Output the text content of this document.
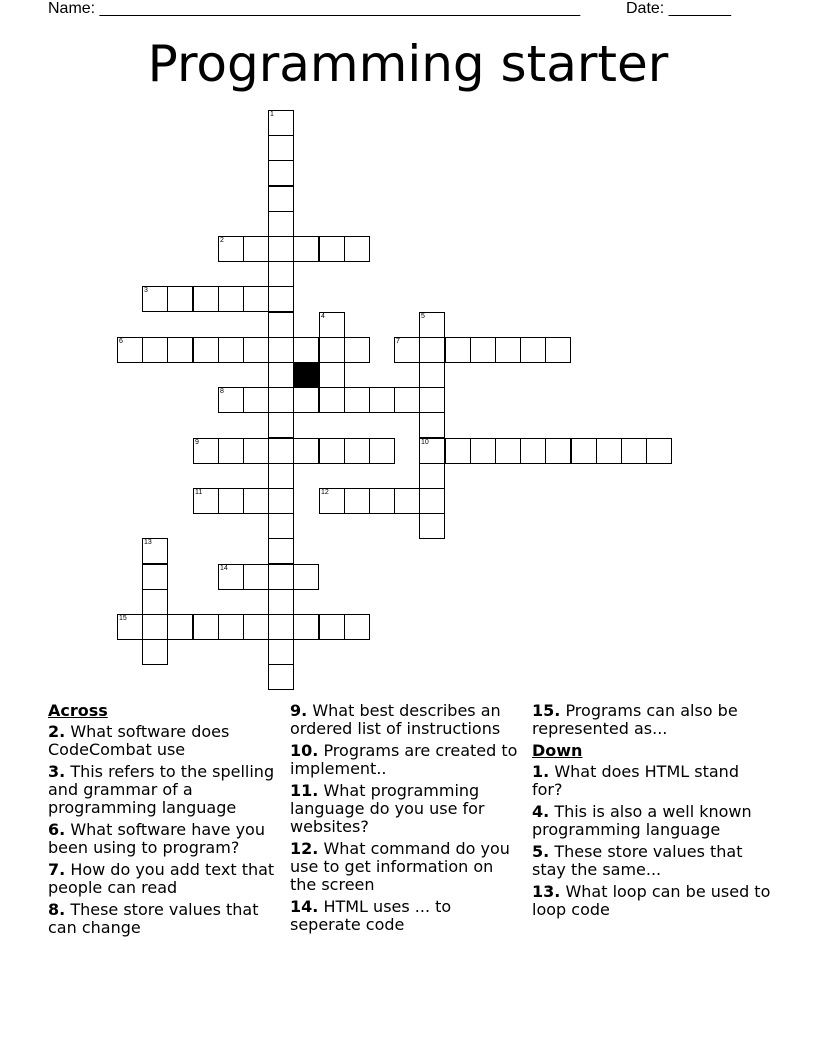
Name: ______________________________________________________	Date: _______
Programming starter
1
2
3
4	5
10
6	7
8
9
11	12
13
14
15
Across
2. What software does CodeCombat use
3. This refers to the spelling and grammar of a programming language
6. What software have you been using to program?
7. How do you add text that people can read
8. These store values that can change
9. What best describes an ordered list of instructions
10. Programs are created to implement..
11. What programming language do you use for websites?
12. What command do you use to get information on the screen
14. HTML uses ... to seperate code
15. Programs can also be represented as...
Down
1. What does HTML stand for?
4. This is also a well known programming language
5. These store values that stay the same...
13. What loop can be used to loop code
